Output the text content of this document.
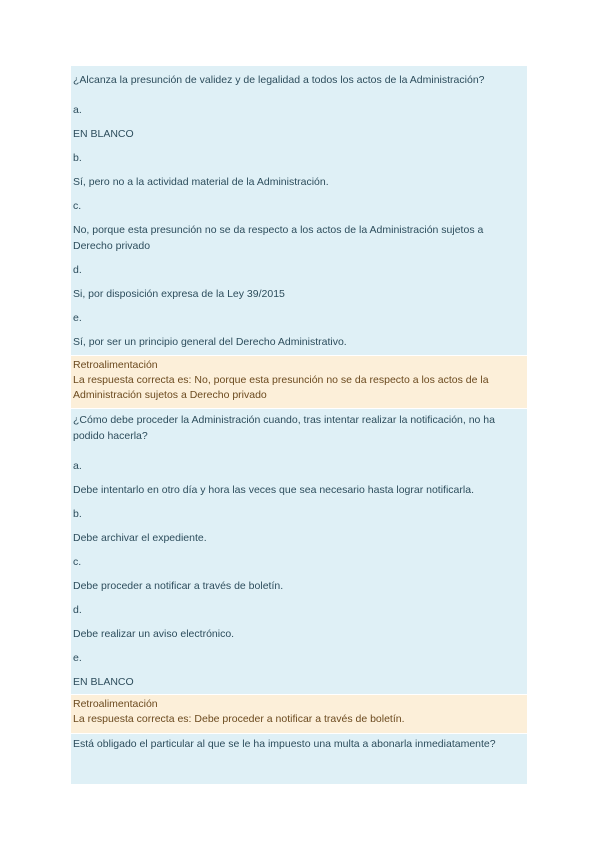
¿Alcanza la presunción de validez y de legalidad a todos los actos de la Administración?
a.
EN BLANCO
b.
Sí, pero no a la actividad material de la Administración.
c.
No, porque esta presunción no se da respecto a los actos de la Administración sujetos a Derecho privado
d.
Si, por disposición expresa de la Ley 39/2015
e.
Sí, por ser un principio general del Derecho Administrativo.
Retroalimentación
La respuesta correcta es: No, porque esta presunción no se da respecto a los actos de la Administración sujetos a Derecho privado
¿Cómo debe proceder la Administración cuando, tras intentar realizar la notificación, no ha podido hacerla?
a.
Debe intentarlo en otro día y hora las veces que sea necesario hasta lograr notificarla.
b.
Debe archivar el expediente.
c.
Debe proceder a notificar a través de boletín.
d.
Debe realizar un aviso electrónico.
e.
EN BLANCO
Retroalimentación
La respuesta correcta es: Debe proceder a notificar a través de boletín.
Está obligado el particular al que se le ha impuesto una multa a abonarla inmediatamente?
